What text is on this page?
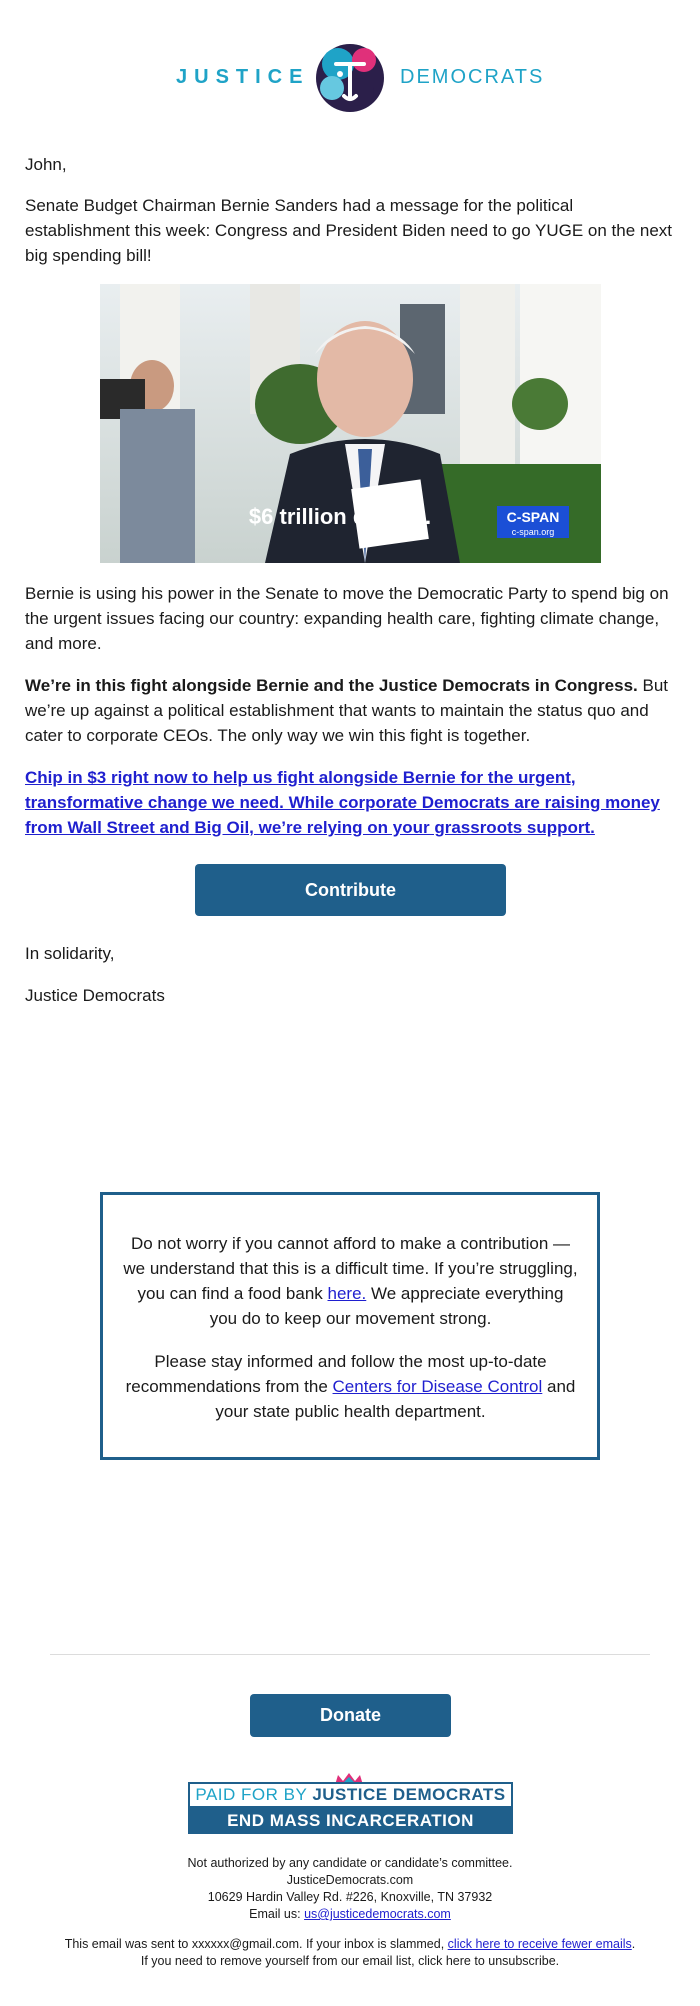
JUSTICE	DEMOCRATS

John,

Senate Budget Chairman Bernie Sanders had a message for the political establishment this week: Congress and President Biden need to go YUGE on the next big spending bill!

$6 trillion dollars.	C-SPAN
c-span.org

Bernie is using his power in the Senate to move the Democratic Party to spend big on the urgent issues facing our country: expanding health care, fighting climate change, and more.

We’re in this fight alongside Bernie and the Justice Democrats in Congress. But we’re up against a political establishment that wants to maintain the status quo and cater to corporate CEOs. The only way we win this fight is together.

Chip in $3 right now to help us fight alongside Bernie for the urgent, transformative change we need. While corporate Democrats are raising money from Wall Street and Big Oil, we’re relying on your grassroots support.

Contribute

In solidarity,

Justice Democrats

Do not worry if you cannot afford to make a contribution — we understand that this is a difficult time. If you’re struggling, you can find a food bank here. We appreciate everything you do to keep our movement strong.

Please stay informed and follow the most up-to-date recommendations from the Centers for Disease Control and your state public health department.

Donate
PAID FOR BY JUSTICE DEMOCRATS
END MASS INCARCERATION
Not authorized by any candidate or candidate’s committee.
JusticeDemocrats.com
10629 Hardin Valley Rd. #226, Knoxville, TN 37932
Email us: us@justicedemocrats.com
This email was sent to xxxxxx@gmail.com. If your inbox is slammed, click here to receive fewer emails.
If you need to remove yourself from our email list, click here to unsubscribe.
